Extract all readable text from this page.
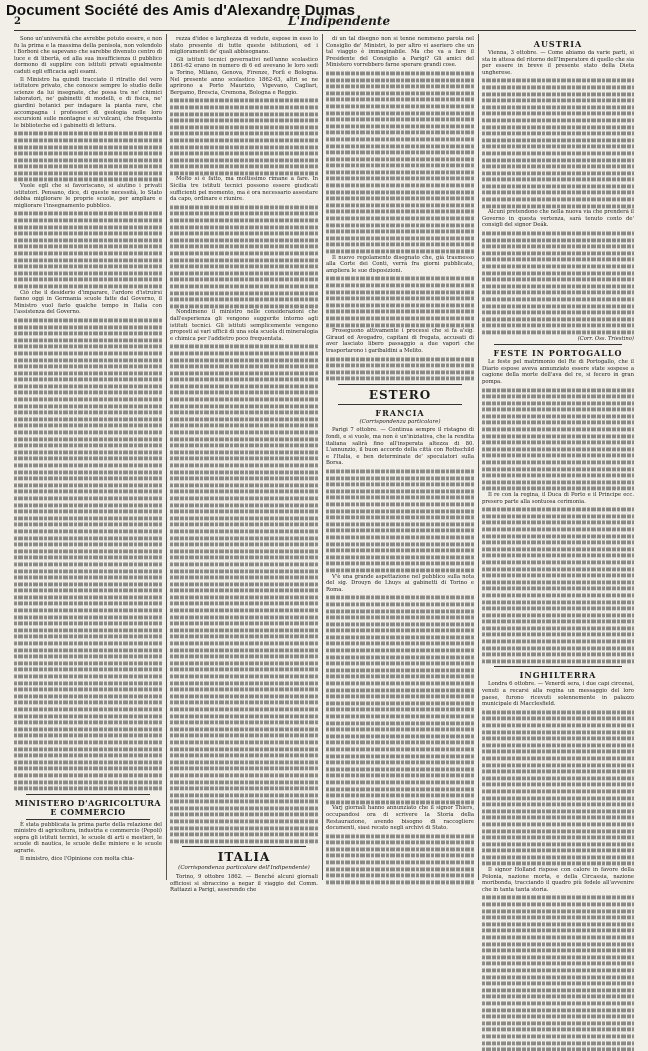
Document Société des Amis d'Alexandre Dumas
2	L'Indipendente

Sono un'università che avrebbe potuto essere, e non fu la prima e la massima della penisola, non volendolo i Borboni che sapevano che sarebbe divenuto centro di luce e di libertà, ed alla sua insufficienza il pubblico dormono di supplire con istituti privati egualmente caduti egli efficacia agli esami.

Il Ministro ha quindi tracciato il ritratto del vero istitutore privato, che conosce sempre lo studio delle scienze da lui insegnate, che possa tra ne' chimici laboratori, ne' gabinetti di modelli, e di fisica, ne' giardini botanici per indagare la pianta rare, che accompagna i professori di geologia nelle loro escursioni sulle montagne e su'vulcani, che frequenta le biblioteche ed i gabinetti di lettura.

Vuole egli che si favoriscano, si aiutino i privati istitutori. Pensano, dice, di queste necessità, lo Stato debba migliorare le proprie scuole, per ampliare e migliorare l'insegnamento pubblico.

Ciò che il desiderio d'imparare, l'ardore d'istruirsi fanno oggi in Germania scuole fatte dal Governo, il Ministro vuol farlo qualche tempo in Italia con l'assistenza del Governo.

MINISTERO D'AGRICOLTURA E COMMERCIO

È stata pubblicata la prima parte della relazione del ministro di agricoltura, industria e commercio (Pepoli) sopra gli istituti tecnici, le scuole di arti e mestieri, le scuole di nautica, le scuole delle miniere e le scuole agrarie.

Il ministro, dice l'Opinione con molta chia-

rezza d'idee e larghezza di vedute, espose in esso lo stato presente di tutte queste istituzioni, ed i miglioramenti de' quali abbisognano.

Gli istituti tecnici governativi nell'anno scolastico 1861-62 erano in numero di 6 ed avevano le loro sedi a Torino, Milano, Genova, Firenze, Forlì e Bologna. Nel presente anno scolastico 1862-63, altri se ne aprirono a Porto Maurizio, Vigevano, Cagliari, Bergamo, Brescia, Cremona, Bologna e Reggio.

Molto si è fatto, ma moltissimo rimane a fare. In Sicilia tre istituti tecnici possono essere giudicati sufficienti pel momento, ma è ora necessario assestare da capo, ordinare e riunire.

Nondimeno il ministro nelle considerazioni che dall'esperienza gli vengono suggerite intorno agli istituti tecnici. Gli istituti semplicemente vengono proposti ai vari ufficii di una sola scuola di mineralogia e chimica per l'addietro poco frequentata.

ITALIA
(Corrispondenza particolare dell'Indipendente)

Torino, 9 ottobre 1862. — Benché alcuni giornali officiosi si sbraccino a negar il viaggio del Comm. Rattazzi a Parigi, asserendo che

di un tal disegno non si tenne nemmeno parola nel Consiglio de' Ministri, lo per altro vi aseriero che un tal viaggio è immaginabile. Ma che va a fare il Presidente del Consiglio a Parigi? Gli amici del Ministero vorrebbero farne sperare grandi cose.

Il nuovo regolamento disegnato che, già trasmesso alla Corte dei Conti, verrà fra giorni pubblicato, ampliera le sue disposizioni.

Proseguono attivamente i processi che si fa a'sig. Giraud ed Avogadro, capitani di fregata, accusati di aver lasciato libero passaggio a due vapori che trasportarono i garibaldini a Melito.

ESTERO
FRANCIA
(Corrispondenza particolare)

Parigi 7 ottobre. — Continua sempre il ristagno di fondi, e si vuole, ma non è un'iniziativa, che la rendita italiana salirà fino all'insperata altezza di 80. L'annunzio, il buon accordo della città con Rothschild e l'Italia, e ben determinate de' speculatori sulla Borsa.

V'è una grande aspettazione nel pubblico sulla nota del sig. Drouyn de Lhuys ai gabinetti di Torino e Roma.

Varj giornali hanno annunziato che il signor Thiers, occupandosi ora di scrivere la Storia della Restaurazione, avendo bisogno di raccogliere documenti, siasi recato negli archivi di Stato.

AUSTRIA

Vienna, 3 ottobre. — Come abiamo da varie parti, si sta in attesa del ritorno dell'Imperatore di quello che sia per essere in breve il presente stato della Dieta ungherese.

Alcuni pretendono che nella nuova via che prenderà il Governo in questa vertenza, sarà tenuto conto de' consigli del signor Deák.

(Corr. Oss. Triestino)
FESTE IN PORTOGALLO

Le feste pel matrimonio del Re di Portogallo, che il Diario espose aveva annunziato essere state sospese a cagione della morte dell'ava del re, si fecero in gran pompa.

Il re con la regina, il Duca di Porto e il Principe ecc. presero parte alla sontuosa cerimonia.

INGHILTERRA

Londra 6 ottobre. — Venerdì sera, i due capi circensi, venuti a recarsi alla regina un messaggio del loro paese, furono ricevuti solennemente in palazzo municipale di Macclesfield.

Il signor Holland rispose con calore in favore della Polonia, nazione morta, e della Circassia, nazione moribonda, tracciando il quadro più fedele all'avvenire che in tanta tanta storia.
